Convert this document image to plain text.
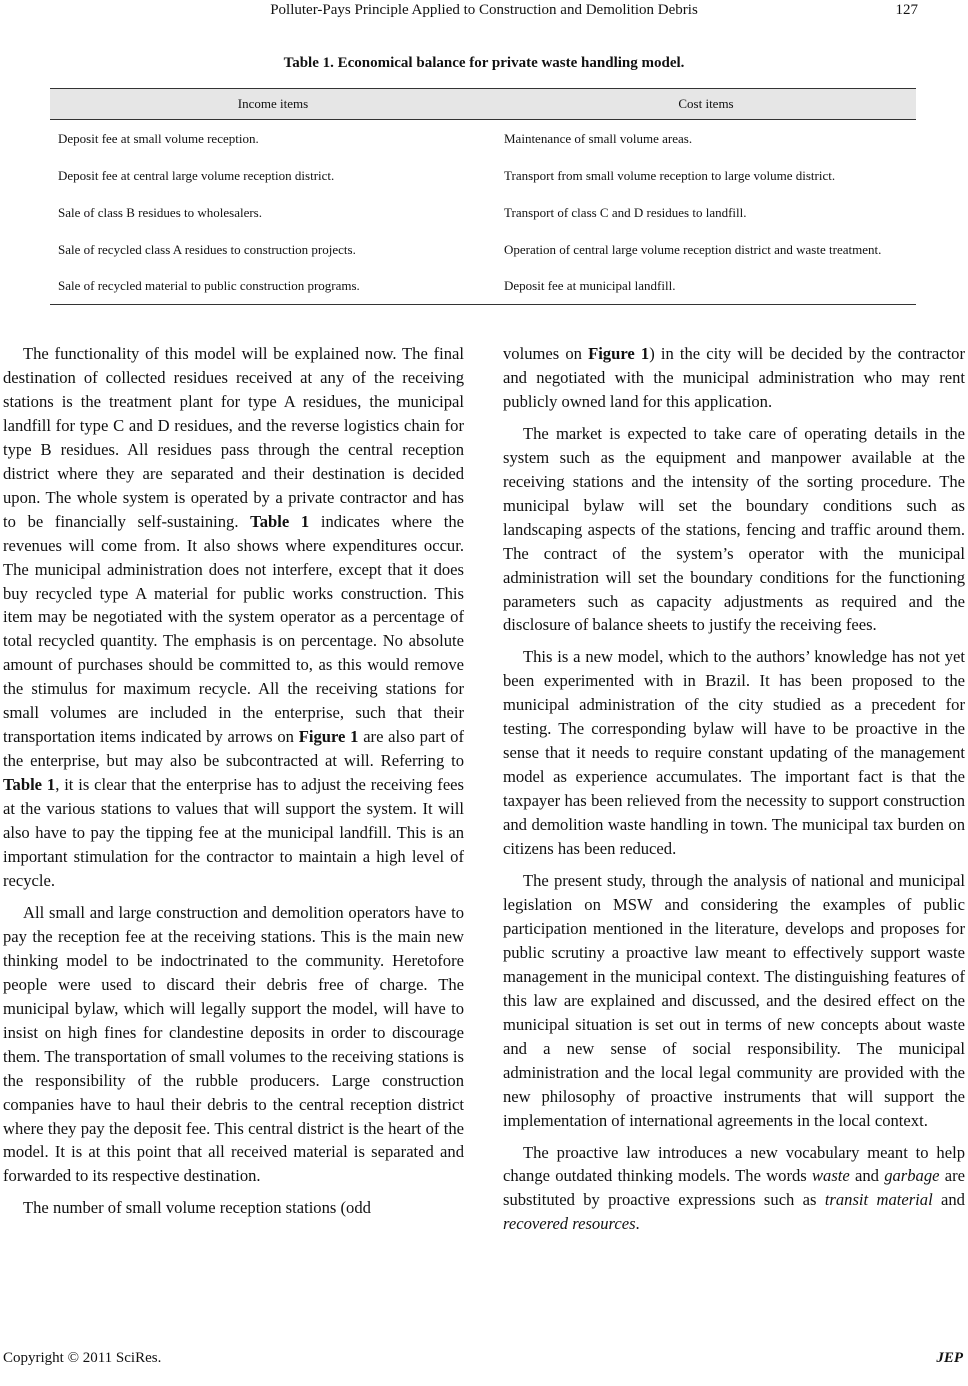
Polluter-Pays Principle Applied to Construction and Demolition Debris	127
Table 1. Economical balance for private waste handling model.
Income items	Cost items
Deposit fee at small volume reception.	Maintenance of small volume areas.
Deposit fee at central large volume reception district.	Transport from small volume reception to large volume district.
Sale of class B residues to wholesalers.	Transport of class C and D residues to landfill.
Sale of recycled class A residues to construction projects.	Operation of central large volume reception district and waste treatment.
Sale of recycled material to public construction programs.	Deposit fee at municipal landfill.

The functionality of this model will be explained now. The final destination of collected residues received at any of the receiving stations is the treatment plant for type A residues, the municipal landfill for type C and D residues, and the reverse logistics chain for type B residues. All residues pass through the central reception district where they are separated and their destination is decided upon. The whole system is operated by a private contractor and has to be financially self-sustaining. Table 1 indicates where the revenues will come from. It also shows where expenditures occur. The municipal administration does not interfere, except that it does buy recycled type A material for public works construction. This item may be negotiated with the system operator as a percentage of total recycled quantity. The emphasis is on percentage. No absolute amount of purchases should be committed to, as this would remove the stimulus for maximum recycle. All the receiving stations for small volumes are included in the enterprise, such that their transportation items indicated by arrows on Figure 1 are also part of the enterprise, but may also be subcontracted at will. Referring to Table 1, it is clear that the enterprise has to adjust the receiving fees at the various stations to values that will support the system. It will also have to pay the tipping fee at the municipal landfill. This is an important stimulation for the contractor to maintain a high level of recycle.

All small and large construction and demolition operators have to pay the reception fee at the receiving stations. This is the main new thinking model to be indoctrinated to the community. Heretofore people were used to discard their debris free of charge. The municipal bylaw, which will legally support the model, will have to insist on high fines for clandestine deposits in order to discourage them. The transportation of small volumes to the receiving stations is the responsibility of the rubble producers. Large construction companies have to haul their debris to the central reception district where they pay the deposit fee. This central district is the heart of the model. It is at this point that all received material is separated and forwarded to its respective destination.

The number of small volume reception stations (odd

volumes on Figure 1) in the city will be decided by the contractor and negotiated with the municipal administration who may rent publicly owned land for this application.

The market is expected to take care of operating details in the system such as the equipment and manpower available at the receiving stations and the intensity of the sorting procedure. The municipal bylaw will set the boundary conditions such as landscaping aspects of the stations, fencing and traffic around them. The contract of the system’s operator with the municipal administration will set the boundary conditions for the functioning parameters such as capacity adjustments as required and the disclosure of balance sheets to justify the receiving fees.

This is a new model, which to the authors’ knowledge has not yet been experimented with in Brazil. It has been proposed to the municipal administration of the city studied as a precedent for testing. The corresponding bylaw will have to be proactive in the sense that it needs to require constant updating of the management model as experience accumulates. The important fact is that the taxpayer has been relieved from the necessity to support construction and demolition waste handling in town. The municipal tax burden on citizens has been reduced.

The present study, through the analysis of national and municipal legislation on MSW and considering the examples of public participation mentioned in the literature, develops and proposes for public scrutiny a proactive law meant to effectively support waste management in the municipal context. The distinguishing features of this law are explained and discussed, and the desired effect on the municipal situation is set out in terms of new concepts about waste and a new sense of social responsibility. The municipal administration and the local legal community are provided with the new philosophy of proactive instruments that will support the implementation of international agreements in the local context.

The proactive law introduces a new vocabulary meant to help change outdated thinking models. The words waste and garbage are substituted by proactive expressions such as transit material and recovered resources.

Copyright © 2011 SciRes.	JEP
